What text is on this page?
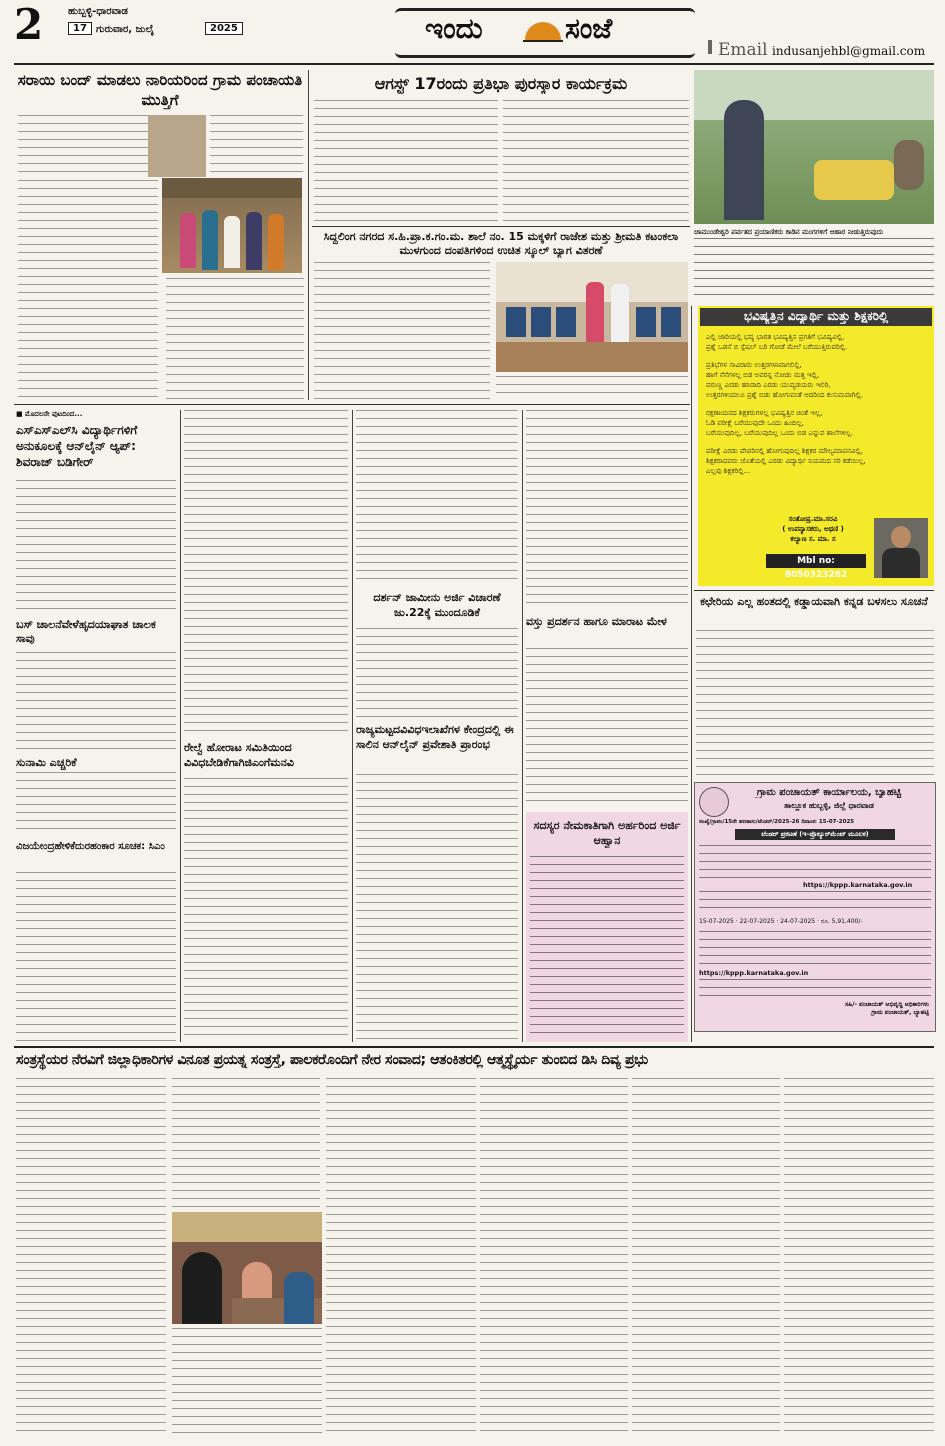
2 ಹುಬ್ಬಳ್ಳಿ-ಧಾರವಾಡ
17 ಗುರುವಾರ, ಜುಲೈ	2025	ಇಂದು	ಸಂಜೆ
Email indusanjehbl@gmail.com
ಸರಾಯಿ ಬಂದ್ ಮಾಡಲು ನಾರಿಯರಿಂದ ಗ್ರಾಮ ಪಂಚಾಯತಿ ಮುತ್ತಿಗೆ
ಆಗಸ್ಟ್ 17ರಂದು ಪ್ರತಿಭಾ ಪುರಸ್ಕಾರ ಕಾರ್ಯಕ್ರಮ
ಚಾಮುಂಡೇಶ್ವರಿ ಪರ್ವತದ ಪ್ರಯಾಣಿಕರು ಕಾಡಿನ ಮಂಗಗಳಿಗೆ ಆಹಾರ ನೀಡುತ್ತಿರುವುದು
ಸಿದ್ದಲಿಂಗ ನಗರದ ಸ.ಹಿ.ಪ್ರಾ.ಕ.ಗಂ.ಮ. ಶಾಲೆ ನಂ. 15 ಮಕ್ಕಳಿಗೆ ರಾಜೇಶ ಮತ್ತು ಶ್ರೀಮತಿ ಕಟಂಕಲಾ ಮುಳಗುಂದ ದಂಪತಿಗಳಿಂದ ಉಚಿತ ಸ್ಕೂಲ್ ಬ್ಯಾಗ ವಿತರಣೆ
ಭವಿಷ್ಯತ್ತಿನ ವಿದ್ಯಾರ್ಥಿ ಮತ್ತು ಶಿಕ್ಷಕರಿಲ್ಲಿ
ಎಲ್ಲಿ ಜಾರಿಯಲ್ಲಿ ಭವ್ಯ ಭಾರತ ಭವಿಷ್ಯತ್ತಿನ ಪ್ರಗತಿಗೆ ಭವಿಷ್ಯವಿಲ್ಲಿ,
ಪ್ರಶ್ನೆ ಒಡನೆ ಬಿ ಸ್ಪೆಷಲ್ ಬರಿ ಗೋಡೆ ಮೇಲೆ ಬರೆಯುತ್ತಿರುವರಿಲ್ಲಿ.
ಪ್ರತಿಭೆಗಳ ಸಾವಿರಾರು ಉತ್ತರಗಳಾವಾಗಲಿಲ್ಲಿ,
ಹಾಗೆ ನೆನೆಗಳಲ್ಲ ಬಿಡ ಅವರನ್ನ ನೋಡು ಮತ್ತ ಇಲ್ಲಿ,
ವರುಣ್ಣ ಎರಡು ಹಸಿರಾದಿ ಎರಡು ಯುವ್ಯಡಯರು ಇಲಿರಿ,
ಉತ್ತರಗಳಿಂದಲೂ ಪ್ರಶ್ನೆ ಬಿಡು ಹೋಗುವಂತೆ ಆದರಿಂದ ಕುಸುಮವಾಗಿಲ್ಲಿ.
ರಕ್ಷಣಾಯನದ ಶಿಕ್ಷಕರುಗಳಲ್ಲ ಭವಿಷ್ಯತ್ತಿನ ಚಿಂತೆ ಇಲ್ಲ,
ಓಡಿ ಪರೀಕ್ಷೆ ಬರೆಯುವುದೇ ಒಂದು ಹಿಂದಿಲ್ಲ,
ಬರೆಯುವುದಿಲ್ಲ, ಬರೆಯುವುದಿಲ್ಲ ಒಂದು ಬಿಡ ಎನ್ನುವ ಶಾಲೆಗಳಿಲ್ಲ.
ಪರೀಕ್ಷೆ ಎರಡು ಪೇಪರಿನಲ್ಲಿ ಹೋಗುವುದಿಲ್ಲ ಶಿಕ್ಷಕರ ಮೌಲ್ಯಮಾಪನವಿಲ್ಲಿ,
ಶಿಕ್ಷಕರಾದವರು ಜೊತೆಯಲ್ಲಿ ಎರಡು ವಿದ್ಯಾರ್ಥಿ ನಿಯಮದ ಸರಿ ಕಡೆಯಿಲ್ಲ,
ಎಲ್ಲವು ಶಿಕ್ಷಕರಿಲ್ಲಿ...
ಸಂತೋಷ್ರ.ಮಾ.ಸರವಿ
( ಉಪನ್ಯಾಸಕರು, ಅಥಣಿ )
ಕಲ್ಯಾಣ ಸ. ಮಾ. ಸ
Mbl no: 8050323262
ಕಛೇರಿಯ ಎಲ್ಲ ಹಂತದಲ್ಲಿ ಕಡ್ಡಾಯವಾಗಿ ಕನ್ನಡ ಬಳಸಲು ಸೂಚನೆ
ಗ್ರಾಮ ಪಂಚಾಯತ್ ಕಾರ್ಯಾಲಯ, ಬ್ಯಾಹಟ್ಟಿ
ತಾಲ್ಲೂಕ ಹುಬ್ಬಳ್ಳಿ, ಜಿಲ್ಲೆ ಧಾರವಾಡ
ಸಂಖ್ಯೆ/ಗ್ರಾಪಂ/15ನೇ ಹಣಕಾಸು/ಟೆಂಡರ್/2025-26 ದಿನಾಂಕ: 15-07-2025
ಟೆಂಡರ್ ಪ್ರಕಟಣೆ (ಇ-ಪ್ರೊಕ್ಯೂರ್‌ಮೆಂಟ್ ಮೂಲಕ)
https://kppp.karnataka.gov.in
15-07-2025 · 22-07-2025 · 24-07-2025 · ರೂ. 5,91,400/-
https://kppp.karnataka.gov.in
ಸಹಿ/- ಪಂಚಾಯತ್ ಅಭಿವೃದ್ಧಿ ಅಧಿಕಾರಿಗಳು
ಗ್ರಾಮ ಪಂಚಾಯತ್, ಬ್ಯಾಹಟ್ಟಿ
■ ಮೊದಲನೇ ಪುಟದಿಂದ...
ಎಸ್‌ಎಸ್‌ಎಲ್‌ಸಿ ವಿದ್ಯಾರ್ಥಿಗಳಿಗೆ ಅನುಕೂಲಕ್ಕೆ ಆನ್‌ಲೈನ್ ಆ್ಯಪ್: ಶಿವರಾಜ್ ಬಡಿಗೇರ್
ಬಸ್ ಚಾಲನೆವೇಳೆಹೃದಯಾಘಾತ ಚಾಲಕ ಸಾವು
ಸುನಾಮಿ ಎಚ್ಚರಿಕೆ
ವಿಜಯೇಂದ್ರಹೇಳಿಕೆದುರಹಂಕಾರ ಸೂಚಕ: ಸಿಎಂ
ರೇಲ್ವೆ ಹೋರಾಟ ಸಮಿತಿಯಿಂದ ವಿವಿಧಬೇಡಿಕೆಗಾಗಿಜಿಎಂಗೆಮನವಿ
ದರ್ಶನ್ ಜಾಮೀನು ಅರ್ಜಿ ವಿಚಾರಣೆ ಜು.22ಕ್ಕೆ ಮುಂದೂಡಿಕೆ
ರಾಜ್ಯಮಟ್ಟದವಿವಿಧಇಲಾಖೆಗಳ ಕೇಂದ್ರದಲ್ಲಿ ಈ ಸಾಲಿನ ಆನ್‌ಲೈನ್ ಪ್ರವೇಶಾತಿ ಪ್ರಾರಂಭ
ವಸ್ತು ಪ್ರದರ್ಶನ ಹಾಗೂ ಮಾರಾಟ ಮೇಳ
ಸದಸ್ಯರ ನೇಮಕಾತಿಗಾಗಿ ಅರ್ಹರಿಂದ ಅರ್ಜಿ ಆಹ್ವಾನ
ಸಂತ್ರಸ್ಥೆಯರ ನೆರವಿಗೆ ಜಿಲ್ಲಾಧಿಕಾರಿಗಳ ವಿನೂತ ಪ್ರಯತ್ನ ಸಂತ್ರಸ್ತೆ, ಪಾಲಕರೊಂದಿಗೆ ನೇರ ಸಂವಾದ; ಆತಂಕಿತರಲ್ಲಿ ಆತ್ಮಸ್ಥೈರ್ಯ ತುಂಬಿದ ಡಿಸಿ ದಿವ್ಯ ಪ್ರಭು
